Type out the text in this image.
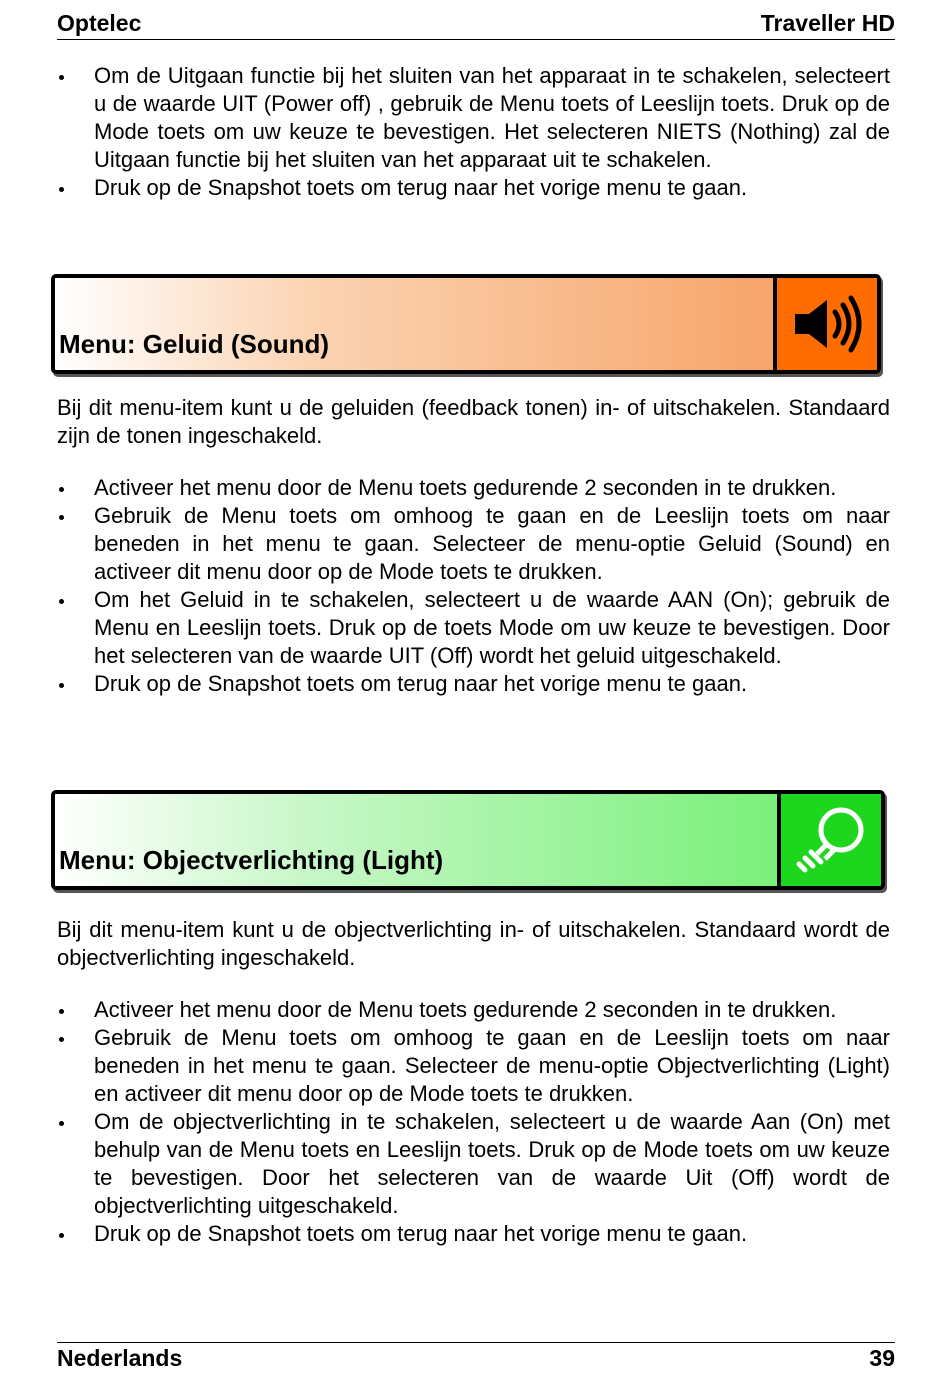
Optelec	Traveller HD
Om de Uitgaan functie bij het sluiten van het apparaat in te schakelen, selecteert u de waarde UIT (Power off) , gebruik de Menu toets of Leeslijn toets. Druk op de Mode toets om uw keuze te bevestigen. Het selecteren NIETS (Nothing) zal de Uitgaan functie bij het sluiten van het apparaat uit te schakelen.
Druk op de Snapshot toets om terug naar het vorige menu te gaan.
Menu: Geluid (Sound)

Bij dit menu-item kunt u de geluiden (feedback tonen) in- of uitschakelen. Standaard zijn de tonen ingeschakeld.

Activeer het menu door de Menu toets gedurende 2 seconden in te drukken.
Gebruik de Menu toets om omhoog te gaan en de Leeslijn toets om naar beneden in het menu te gaan. Selecteer de menu-optie Geluid (Sound) en activeer dit menu door op de Mode toets te drukken.
Om het Geluid in te schakelen, selecteert u de waarde AAN (On); gebruik de Menu en Leeslijn toets. Druk op de toets Mode om uw keuze te bevestigen. Door het selecteren van de waarde UIT (Off) wordt het geluid uitgeschakeld.
Druk op de Snapshot toets om terug naar het vorige menu te gaan.
Menu: Objectverlichting (Light)

Bij dit menu-item kunt u de objectverlichting in- of uitschakelen. Standaard wordt de objectverlichting ingeschakeld.

Activeer het menu door de Menu toets gedurende 2 seconden in te drukken.
Gebruik de Menu toets om omhoog te gaan en de Leeslijn toets om naar beneden in het menu te gaan. Selecteer de menu-optie Objectverlichting (Light) en activeer dit menu door op de Mode toets te drukken.
Om de objectverlichting in te schakelen, selecteert u de waarde Aan (On) met behulp van de Menu toets en Leeslijn toets. Druk op de Mode toets om uw keuze te bevestigen. Door het selecteren van de waarde Uit (Off) wordt de objectverlichting uitgeschakeld.
Druk op de Snapshot toets om terug naar het vorige menu te gaan.
Nederlands	39
